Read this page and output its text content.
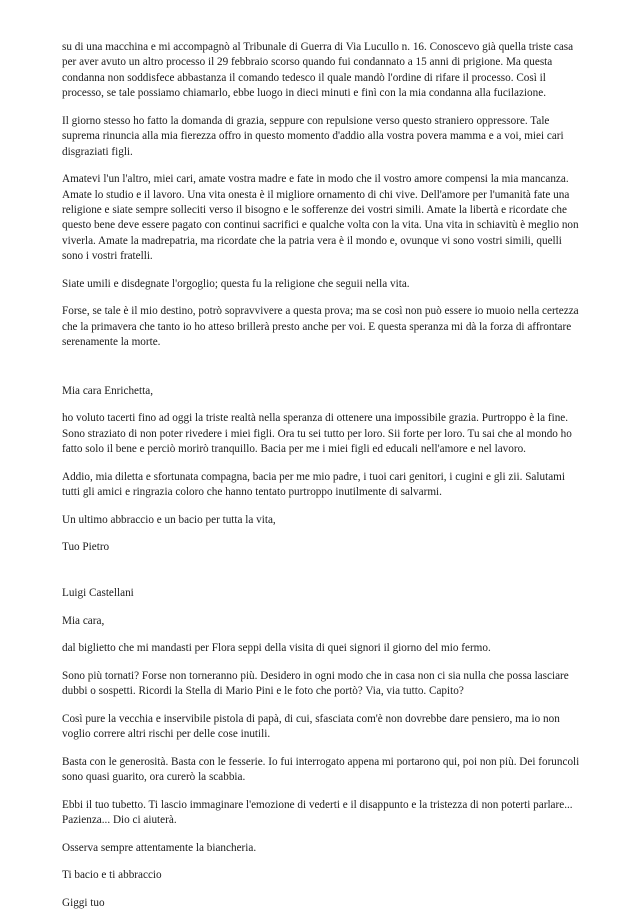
su di una macchina e mi accompagnò al Tribunale di Guerra di Via Lucullo n. 16. Conoscevo già quella triste casa per aver avuto un altro processo il 29 febbraio scorso quando fui condannato a 15 anni di prigione. Ma questa condanna non soddisfece abbastanza il comando tedesco il quale mandò l'ordine di rifare il processo. Così il processo, se tale possiamo chiamarlo, ebbe luogo in dieci minuti e finì con la mia condanna alla fucilazione.

Il giorno stesso ho fatto la domanda di grazia, seppure con repulsione verso questo straniero oppressore. Tale suprema rinuncia alla mia fierezza offro in questo momento d'addio alla vostra povera mamma e a voi, miei cari disgraziati figli.

Amatevi l'un l'altro, miei cari, amate vostra madre e fate in modo che il vostro amore compensi la mia mancanza. Amate lo studio e il lavoro. Una vita onesta è il migliore ornamento di chi vive. Dell'amore per l'umanità fate una religione e siate sempre solleciti verso il bisogno e le sofferenze dei vostri simili. Amate la libertà e ricordate che questo bene deve essere pagato con continui sacrifici e qualche volta con la vita. Una vita in schiavitù è meglio non viverla. Amate la madrepatria, ma ricordate che la patria vera è il mondo e, ovunque vi sono vostri simili, quelli sono i vostri fratelli.

Siate umili e disdegnate l'orgoglio; questa fu la religione che seguii nella vita.

Forse, se tale è il mio destino, potrò sopravvivere a questa prova; ma se così non può essere io muoio nella certezza che la primavera che tanto io ho atteso brillerà presto anche per voi. E questa speranza mi dà la forza di affrontare serenamente la morte.

Mia cara Enrichetta,

ho voluto tacerti fino ad oggi la triste realtà nella speranza di ottenere una impossibile grazia. Purtroppo è la fine. Sono straziato di non poter rivedere i miei figli. Ora tu sei tutto per loro. Sii forte per loro. Tu sai che al mondo ho fatto solo il bene e perciò morirò tranquillo. Bacia per me i miei figli ed educali nell'amore e nel lavoro.

Addio, mia diletta e sfortunata compagna, bacia per me mio padre, i tuoi cari genitori, i cugini e gli zii. Salutami tutti gli amici e ringrazia coloro che hanno tentato purtroppo inutilmente di salvarmi.

Un ultimo abbraccio e un bacio per tutta la vita,

Tuo Pietro

Luigi Castellani

Mia cara,

dal biglietto che mi mandasti per Flora seppi della visita di quei signori il giorno del mio fermo.

Sono più tornati? Forse non torneranno più. Desidero in ogni modo che in casa non ci sia nulla che possa lasciare dubbi o sospetti. Ricordi la Stella di Mario Pini e le foto che portò? Via, via tutto. Capito?

Così pure la vecchia e inservibile pistola di papà, di cui, sfasciata com'è non dovrebbe dare pensiero, ma io non voglio correre altri rischi per delle cose inutili.

Basta con le generosità. Basta con le fesserie. Io fui interrogato appena mi portarono qui, poi non più. Dei foruncoli sono quasi guarito, ora curerò la scabbia.

Ebbi il tuo tubetto. Ti lascio immaginare l'emozione di vederti e il disappunto e la tristezza di non poterti parlare... Pazienza... Dio ci aiuterà.

Osserva sempre attentamente la biancheria.

Ti bacio e ti abbraccio

Giggi tuo
